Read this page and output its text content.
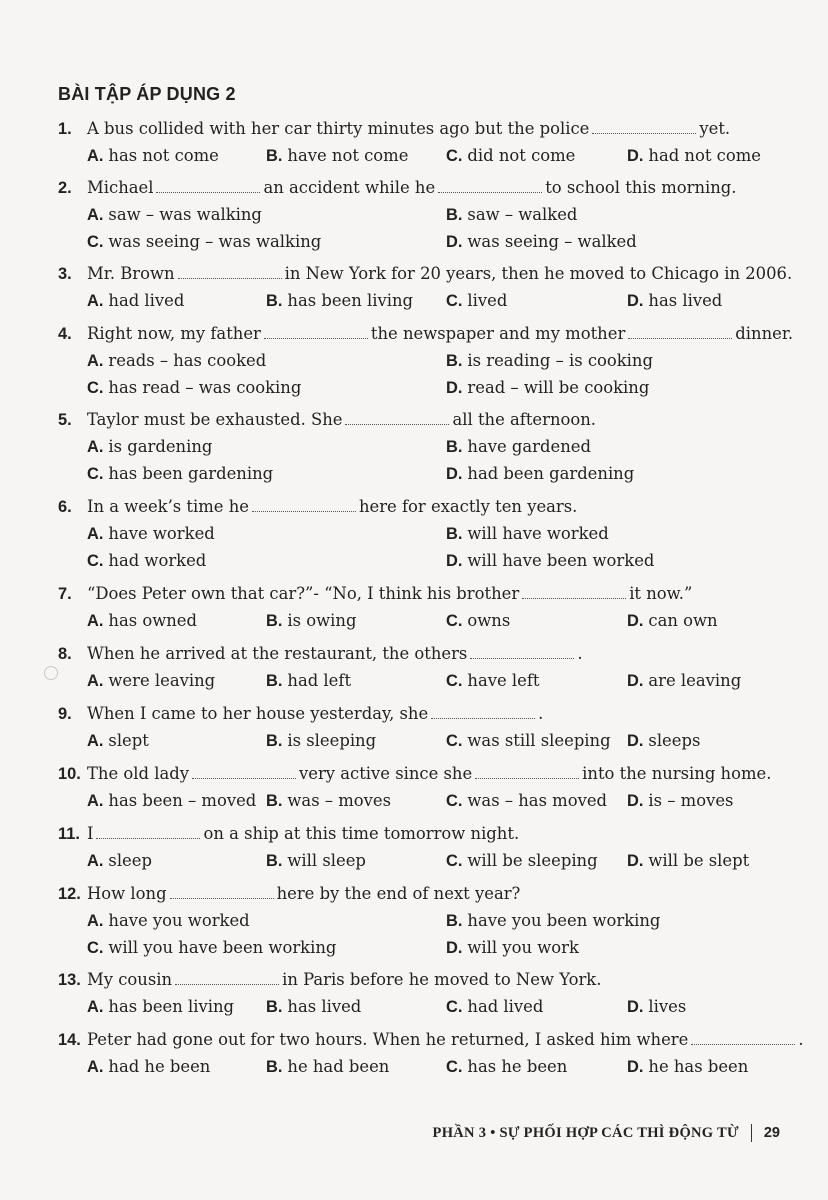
BÀI TẬP ÁP DỤNG 2
1. A bus collided with her car thirty minutes ago but the police	yet.
A. has not come	B. have not come C. did not come	D. had not come
2. Michael	an accident while he	to school this morning.
A. saw – was walking	B. saw – walked
C. was seeing – was walking	D. was seeing – walked
3. Mr. Brown	in New York for 20 years, then he moved to Chicago in 2006.
A. had lived	B. has been living C. lived	D. has lived
4. Right now, my father	the newspaper and my mother	dinner.
A. reads – has cooked	B. is reading – is cooking
C. has read – was cooking	D. read – will be cooking
5. Taylor must be exhausted. She	all the afternoon.
A. is gardening	B. have gardened
C. has been gardening	D. had been gardening
6. In a week’s time he	here for exactly ten years.
A. have worked	B. will have worked
C. had worked	D. will have been worked
7. “Does Peter own that car?”- “No, I think his brother	it now.”
A. has owned	B. is owing	C. owns	D. can own
8. When he arrived at the restaurant, the others	.
A. were leaving	B. had left	C. have left	D. are leaving
9. When I came to her house yesterday, she	.
A. slept	B. is sleeping	C. was still sleeping D. sleeps
10. The old lady	very active since she	into the nursing home.
A. has been – moved B. was – moves	C. was – has moved D. is – moves
11. I	on a ship at this time tomorrow night.
A. sleep	B. will sleep	C. will be sleeping D. will be slept
12. How long	here by the end of next year?
A. have you worked	B. have you been working
C. will you have been working	D. will you work
13. My cousin	in Paris before he moved to New York.
A. has been living B. has lived	C. had lived	D. lives
14. Peter had gone out for two hours. When he returned, I asked him where	.
A. had he been	B. he had been	C. has he been	D. he has been
PHẦN 3 • SỰ PHỐI HỢP CÁC THÌ ĐỘNG TỪ 29
